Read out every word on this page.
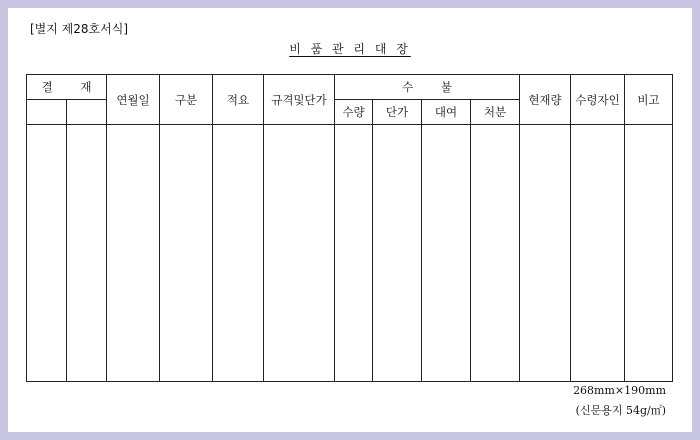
[별지 제28호서식]
비 품 관 리 대 장
결 재		연월일	구분	적요	규격및단가	수 불				현재량	수령자인	비고
						수량	단가	대여	처분			

268mm×190mm
(신문용지 54g/㎡)
